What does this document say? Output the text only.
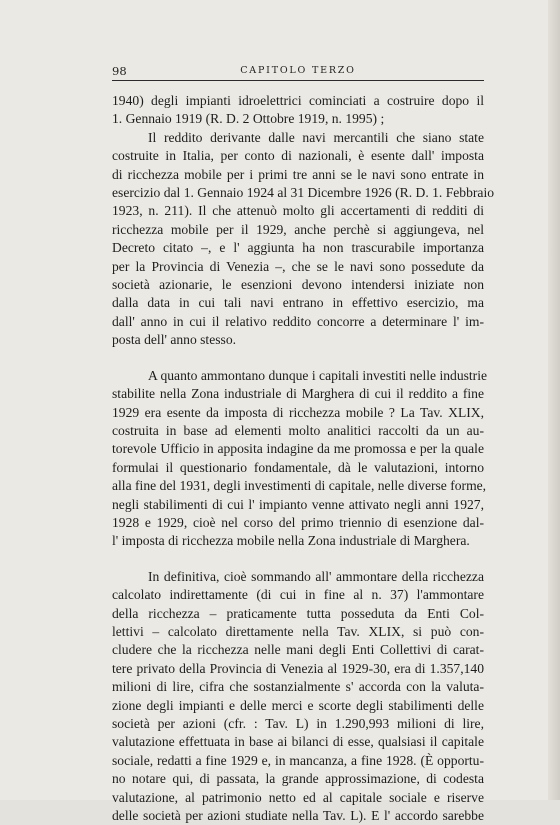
98	CAPITOLO TERZO

1940) degli impianti idroelettrici cominciati a costruire dopo il
1. Gennaio 1919 (R. D. 2 Ottobre 1919, n. 1995) ;

Il reddito derivante dalle navi mercantili che siano state
costruite in Italia, per conto di nazionali, è esente dall' imposta
di ricchezza mobile per i primi tre anni se le navi sono entrate in
esercizio dal 1. Gennaio 1924 al 31 Dicembre 1926 (R. D. 1. Febbraio
1923, n. 211). Il che attenuò molto gli accertamenti di redditi di
ricchezza mobile per il 1929, anche perchè si aggiungeva, nel
Decreto citato –, e l' aggiunta ha non trascurabile importanza
per la Provincia di Venezia –, che se le navi sono possedute da
società azionarie, le esenzioni devono intendersi iniziate non
dalla data in cui tali navi entrano in effettivo esercizio, ma
dall' anno in cui il relativo reddito concorre a determinare l' im-
posta dell' anno stesso.

A quanto ammontano dunque i capitali investiti nelle industrie
stabilite nella Zona industriale di Marghera di cui il reddito a fine
1929 era esente da imposta di ricchezza mobile ? La Tav. XLIX,
costruita in base ad elementi molto analitici raccolti da un au-
torevole Ufficio in apposita indagine da me promossa e per la quale
formulai il questionario fondamentale, dà le valutazioni, intorno
alla fine del 1931, degli investimenti di capitale, nelle diverse forme,
negli stabilimenti di cui l' impianto venne attivato negli anni 1927,
1928 e 1929, cioè nel corso del primo triennio di esenzione dal-
l' imposta di ricchezza mobile nella Zona industriale di Marghera.

In definitiva, cioè sommando all' ammontare della ricchezza
calcolato indirettamente (di cui in fine al n. 37) l'ammontare
della ricchezza – praticamente tutta posseduta da Enti Col-
lettivi – calcolato direttamente nella Tav. XLIX, si può con-
cludere che la ricchezza nelle mani degli Enti Collettivi di carat-
tere privato della Provincia di Venezia al 1929-30, era di 1.357,140
milioni di lire, cifra che sostanzialmente s' accorda con la valuta-
zione degli impianti e delle merci e scorte degli stabilimenti delle
società per azioni (cfr. : Tav. L) in 1.290,993 milioni di lire,
valutazione effettuata in base ai bilanci di esse, qualsiasi il capitale
sociale, redatti a fine 1929 e, in mancanza, a fine 1928. (È opportu-
no notare qui, di passata, la grande approssimazione, di codesta
valutazione, al patrimonio netto ed al capitale sociale e riserve
delle società per azioni studiate nella Tav. L). E l' accordo sarebbe
